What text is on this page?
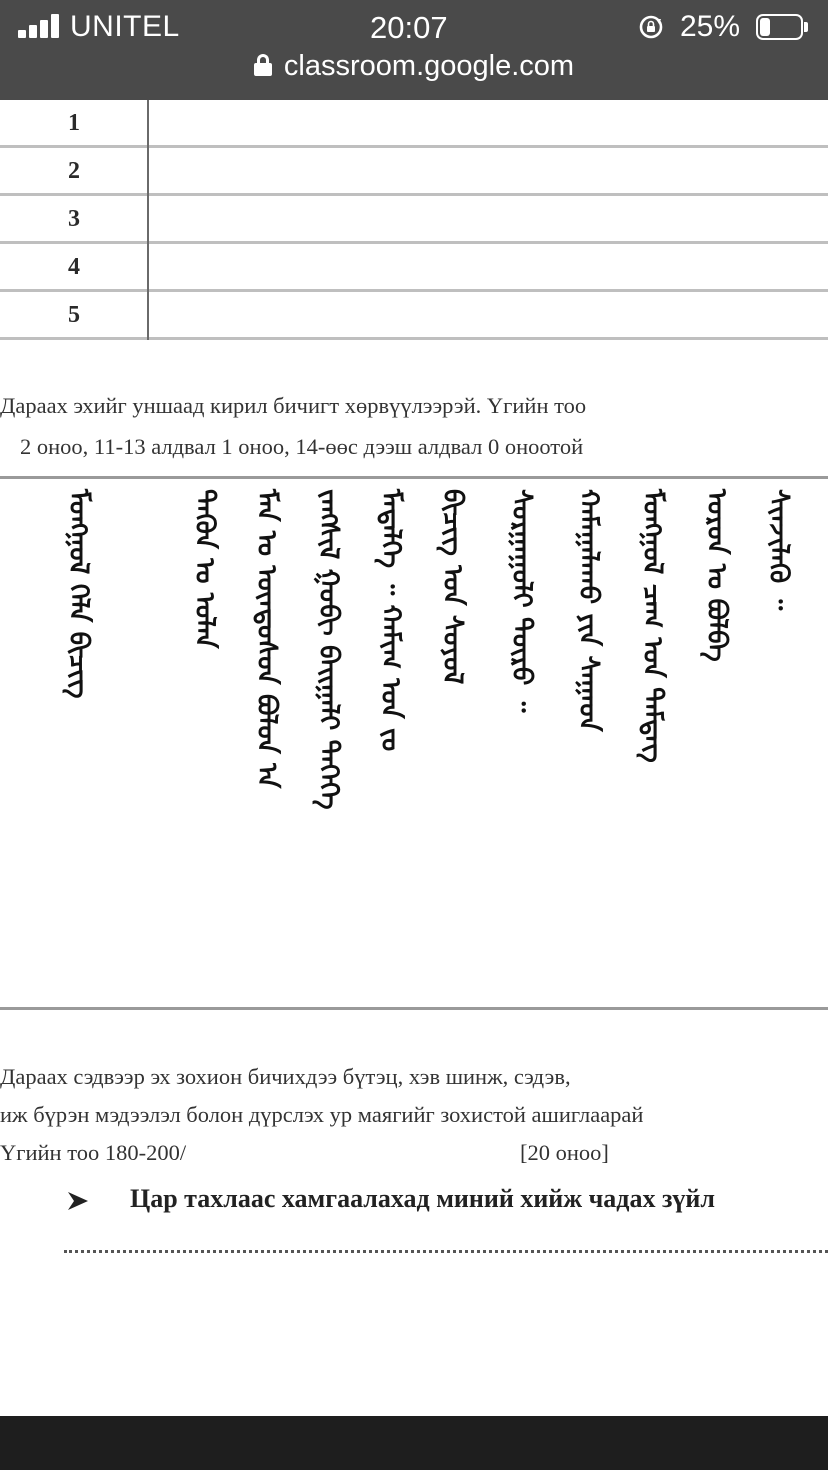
UNITEL	20:07	25%
classroom.google.com
1
2
3
4
5
Дараах эхийг уншаад кирил бичигт хөрвүүлээрэй. Үгийн тоо
2 оноо, 11-13 алдвал 1 оноо, 14-өөс дээш алдвал 0 оноотой
ᠮᠣᠩᠭᠣᠯ ᠬᠡᠯᠡ ᠪᠢᠴᠢᠭ	ᠲᠡᠭᠦᠨ ᠤ ᠣᠯᠠᠨ ᠮᠠᠨ ᠤ ᠦᠨᠳᠦᠰᠦᠨ ᠪᠣᠯᠤᠨ ᠠ ᠵᠠᠩᠰᠢᠯ ᠭᠤᠪᠢ ᠪᠠᠢᠭᠠᠯᠢ ᠳᠡᠭᠡᠭᠡ ᠮᠡᠳᠡᠯᠭᠡ ᠃ ᠬᠠᠮᠢᠭ ᠤᠨ ᠵᠤ ᠪᠢᠴᠢᠭ ᠤᠨ ᠰᠣᠶᠣᠯ ᠰᠤᠷᠭᠠᠭᠤᠯᠢ ᠲᠥᠷᠦ ᠃ ᠬᠠᠮᠠᠭᠠᠯᠠᠬᠤ ᠶᠢᠨ ᠰᠠᠭᠠᠳ ᠮᠣᠩᠭᠣᠯ ᠴᠠᠭ ᠤᠨ ᠲᠡᠮᠳᠡᠭ ᠣᠷᠣᠨ ᠤ ᠪᠣᠯᠪᠠ ᠰᠢᠨᠵᠢᠯᠡᠬᠦ ᠃
Дараах сэдвээр эх зохион бичихдээ бүтэц, хэв шинж, сэдэв,
иж бүрэн мэдээлэл болон дүрслэх ур маягийг зохистой ашиглаарай
Үгийн тоо 180-200/	[20 оноо]
Цар тахлаас хамгаалахад миний хийж чадах зүйл
